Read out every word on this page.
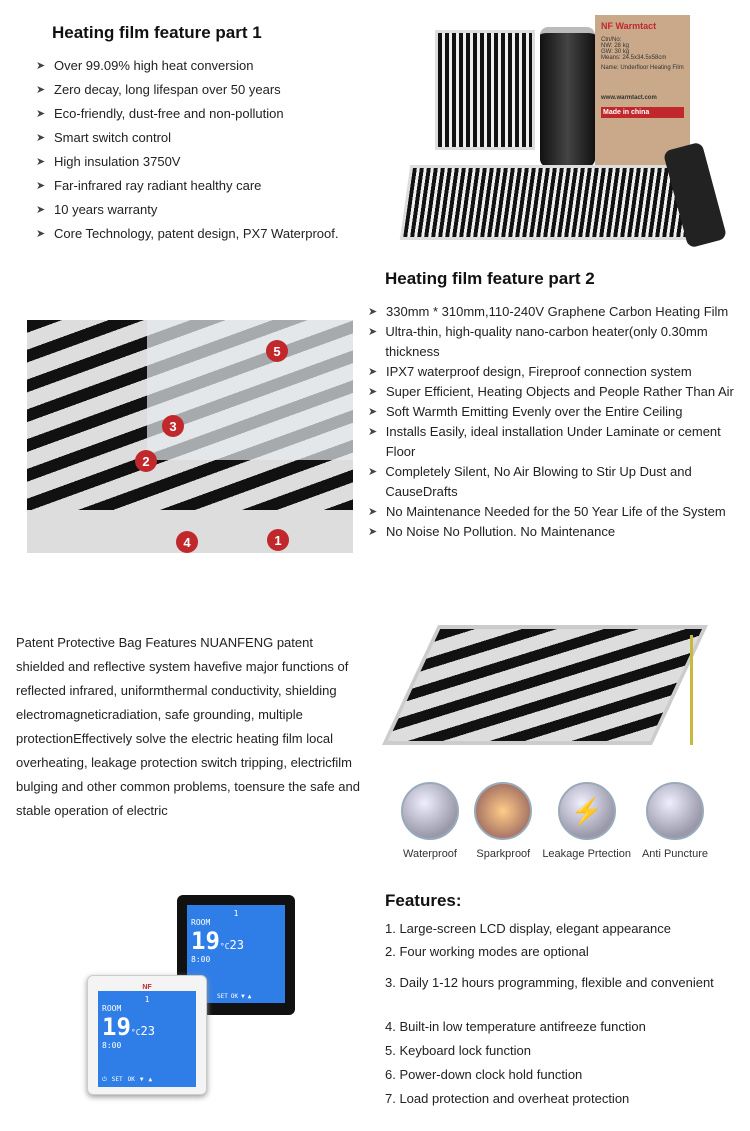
Heating film feature part 1
➤ Over 99.09% high heat conversion
➤ Zero decay, long lifespan over 50 years
➤ Eco-friendly, dust-free and non-pollution
➤ Smart switch control
➤ High insulation 3750V
➤ Far-infrared ray radiant healthy care
➤ 10 years warranty
➤ Core Technology, patent design, PX7 Waterproof.
NF Warmtact
Ctn/No:
NW: 28 kg
GW: 30 kg
Means: 24.5x34.5x58cm
Name: Underfloor Heating Film
www.warmtact.com
Made in china
Heating film feature part 2
➤ 330mm * 310mm,110-240V Graphene Carbon Heating Film
➤ Ultra-thin, high-quality nano-carbon heater(only 0.30mm thickness
➤ IPX7 waterproof design, Fireproof connection system
➤ Super Efficient, Heating Objects and People Rather Than Air
➤ Soft Warmth Emitting Evenly over the Entire Ceiling
➤ Installs Easily, ideal installation Under Laminate or cement Floor
➤ Completely Silent, No Air Blowing to Stir Up Dust and CauseDrafts
➤ No Maintenance Needed for the 50 Year Life of the System
➤ No Noise No Pollution. No Maintenance
5
3
2
4	1

Patent Protective Bag Features NUANFENG patent shielded and reflective system havefive major functions of reflected infrared, uniformthermal conductivity, shielding electromagneticradiation, safe grounding, multiple protectionEffectively solve the electric heating film local overheating, leakage protection switch tripping, electricfilm bulging and other common problems, toensure the safe and stable operation of electric

Waterproof Sparkproof
⚡
Leakage Prtection Anti Puncture
1
ROOM
19°C23
8:00
SET OK ▼ ▲
NF
1
ROOM
19°C23
8:00
⏻ SET OK ▼ ▲
Features:
1. Large-screen LCD display, elegant appearance
2. Four working modes are optional
3. Daily 1-12 hours programming, flexible and convenient
4. Built-in low temperature antifreeze function
5. Keyboard lock function
6. Power-down clock hold function
7. Load protection and overheat protection
